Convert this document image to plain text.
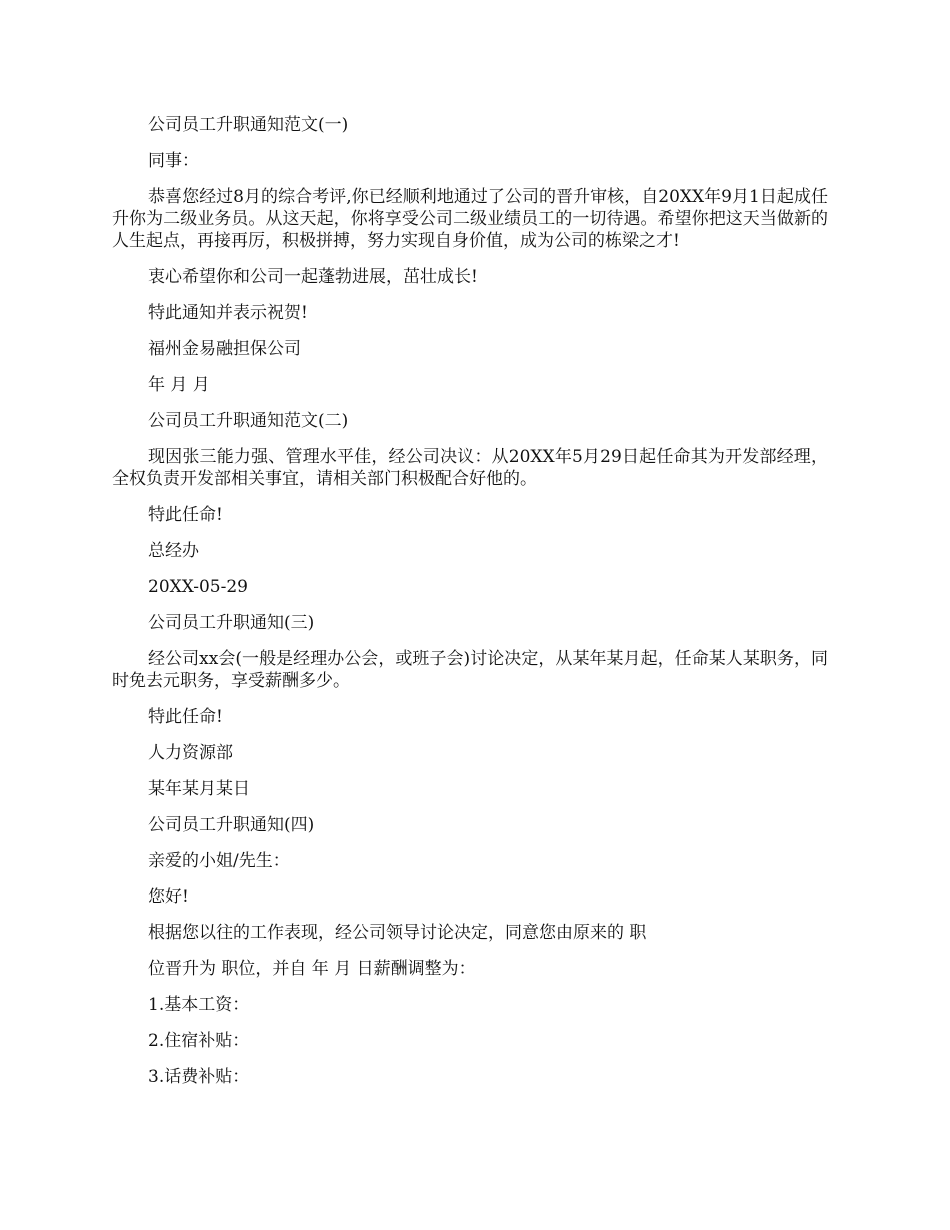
公司员工升职通知范文(一)

同事：

恭喜您经过8月的综合考评,你已经顺利地通过了公司的晋升审核，自20XX年9月1日起成任升你为二级业务员。从这天起，你将享受公司二级业绩员工的一切待遇。希望你把这天当做新的人生起点，再接再厉，积极拼搏，努力实现自身价值，成为公司的栋梁之才!

衷心希望你和公司一起蓬勃进展，茁壮成长!

特此通知并表示祝贺!

福州金易融担保公司

年 月 月

公司员工升职通知范文(二)

现因张三能力强、管理水平佳，经公司决议：从20XX年5月29日起任命其为开发部经理，全权负责开发部相关事宜，请相关部门积极配合好他的。

特此任命!

总经办

20XX-05-29

公司员工升职通知(三)

经公司xx会(一般是经理办公会，或班子会)讨论决定，从某年某月起，任命某人某职务，同时免去元职务，享受薪酬多少。

特此任命!

人力资源部

某年某月某日

公司员工升职通知(四)

亲爱的小姐/先生：

您好!

根据您以往的工作表现，经公司领导讨论决定，同意您由原来的 职

位晋升为 职位，并自 年 月 日薪酬调整为：

1.基本工资：

2.住宿补贴：

3.话费补贴：
